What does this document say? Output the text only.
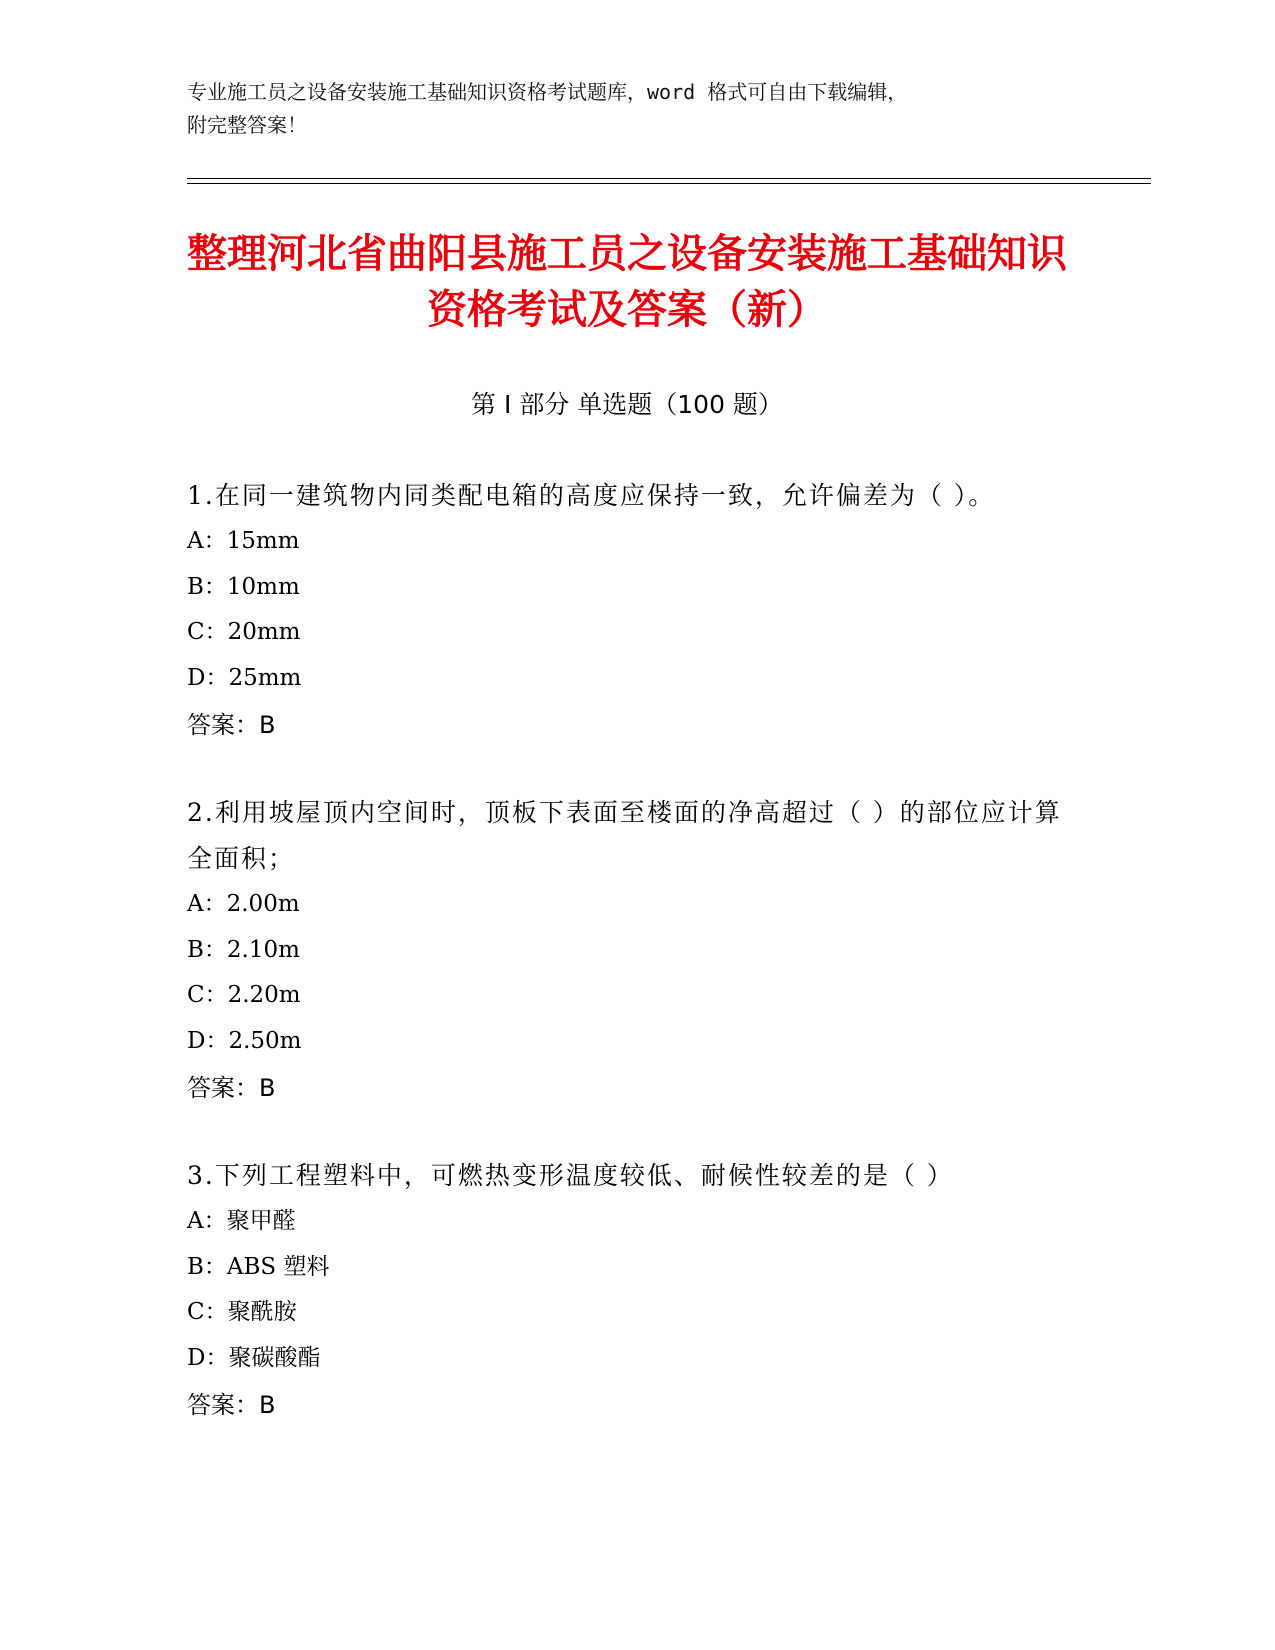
专业施工员之设备安装施工基础知识资格考试题库，word 格式可自由下载编辑，
附完整答案！
整理河北省曲阳县施工员之设备安装施工基础知识资格考试及答案（新）
第 I 部分 单选题（100 题）
1.在同一建筑物内同类配电箱的高度应保持一致，允许偏差为（ ）。
A：15mm
B：10mm
C：20mm
D：25mm
答案：B
2.利用坡屋顶内空间时，顶板下表面至楼面的净高超过（ ）的部位应计算全面积；
A：2.00m
B：2.10m
C：2.20m
D：2.50m
答案：B
3.下列工程塑料中，可燃热变形温度较低、耐候性较差的是（ ）
A：聚甲醛
B：ABS 塑料
C：聚酰胺
D：聚碳酸酯
答案：B
